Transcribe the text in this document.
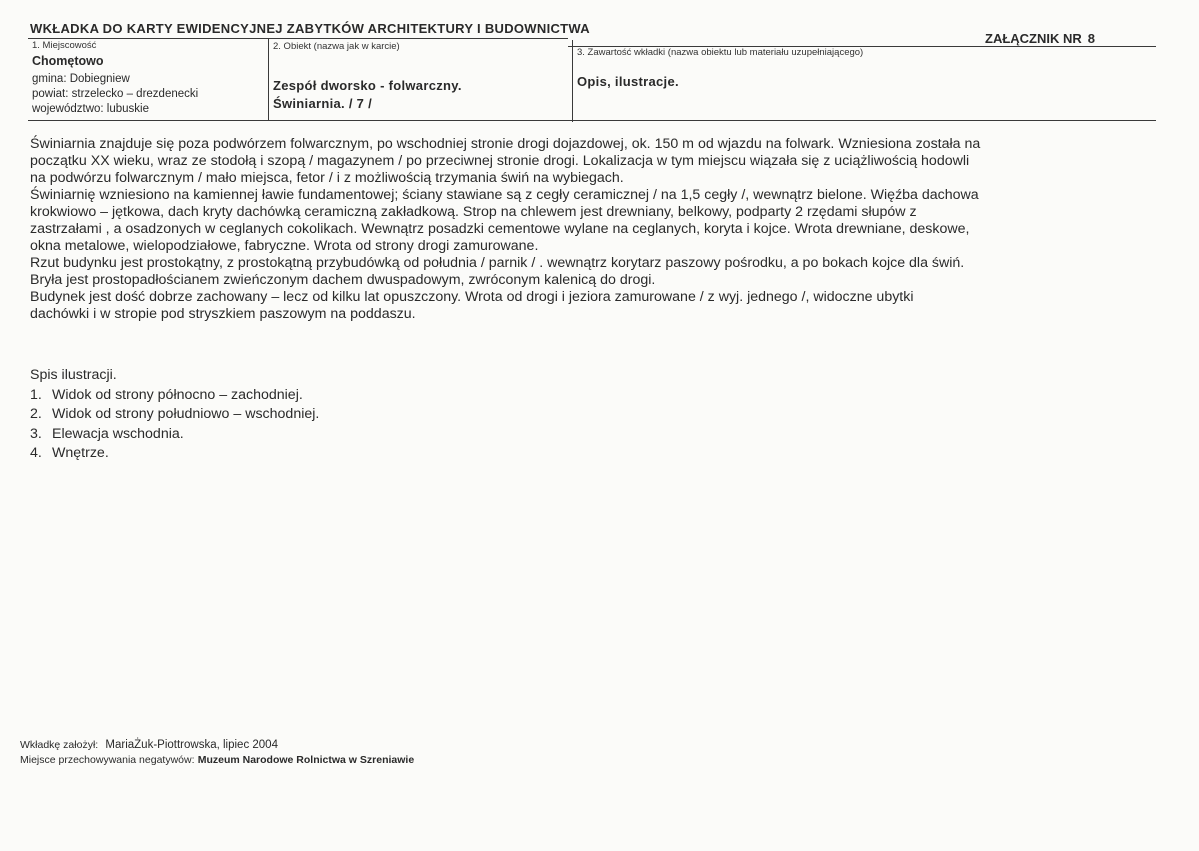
WKŁADKA DO KARTY EWIDENCYJNEJ ZABYTKÓW ARCHITEKTURY I BUDOWNICTWA
ZAŁĄCZNIK NR 8
1. Miejscowość
Chomętowo
gmina: Dobiegniew
powiat: strzelecko – drezdenecki
województwo: lubuskie
2. Obiekt (nazwa jak w karcie)
Zespół dworsko - folwarczny.
Świniarnia. / 7 /
3. Zawartość wkładki (nazwa obiektu lub materiału uzupełniającego)
Opis, ilustracje.

Świniarnia znajduje się poza podwórzem folwarcznym, po wschodniej stronie drogi dojazdowej, ok. 150 m od wjazdu na folwark. Wzniesiona została na

początku XX wieku, wraz ze stodołą i szopą / magazynem / po przeciwnej stronie drogi. Lokalizacja w tym miejscu wiązała się z uciążliwością hodowli

na podwórzu folwarcznym / mało miejsca, fetor / i z możliwością trzymania świń na wybiegach.

Świniarnię wzniesiono na kamiennej ławie fundamentowej; ściany stawiane są z cegły ceramicznej / na 1,5 cegły /, wewnątrz bielone. Więźba dachowa

krokwiowo – jętkowa, dach kryty dachówką ceramiczną zakładkową. Strop na chlewem jest drewniany, belkowy, podparty 2 rzędami słupów z

zastrzałami , a osadzonych w ceglanych cokolikach. Wewnątrz posadzki cementowe wylane na ceglanych, koryta i kojce. Wrota drewniane, deskowe,

okna metalowe, wielopodziałowe, fabryczne. Wrota od strony drogi zamurowane.

Rzut budynku jest prostokątny, z prostokątną przybudówką od południa / parnik / . wewnątrz korytarz paszowy pośrodku, a po bokach kojce dla świń.

Bryła jest prostopadłościanem zwieńczonym dachem dwuspadowym, zwróconym kalenicą do drogi.

Budynek jest dość dobrze zachowany – lecz od kilku lat opuszczony. Wrota od drogi i jeziora zamurowane / z wyj. jednego /, widoczne ubytki

dachówki i w stropie pod stryszkiem paszowym na poddaszu.

Spis ilustracji.

1. Widok od strony północno – zachodniej.

2. Widok od strony południowo – wschodniej.

3. Elewacja wschodnia.

4. Wnętrze.

Wkładkę założył: MariaŻuk-Piottrowska, lipiec 2004
Miejsce przechowywania negatywów: Muzeum Narodowe Rolnictwa w Szreniawie
